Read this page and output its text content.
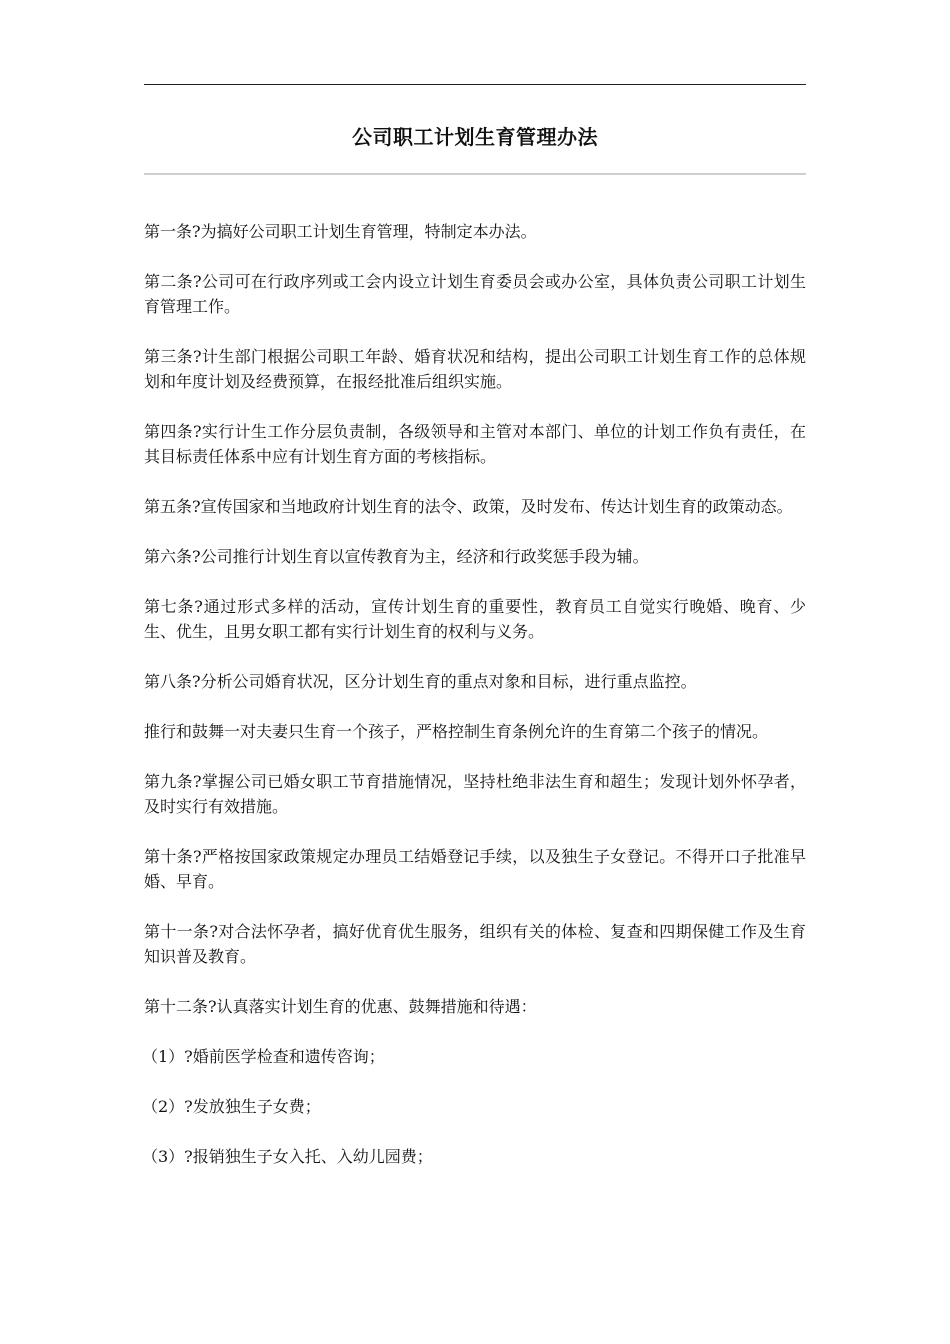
公司职工计划生育管理办法

第一条?为搞好公司职工计划生育管理，特制定本办法。

第二条?公司可在行政序列或工会内设立计划生育委员会或办公室，具体负责公司职工计划生育管理工作。

第三条?计生部门根据公司职工年龄、婚育状况和结构，提出公司职工计划生育工作的总体规划和年度计划及经费预算，在报经批准后组织实施。

第四条?实行计生工作分层负责制，各级领导和主管对本部门、单位的计划工作负有责任，在其目标责任体系中应有计划生育方面的考核指标。

第五条?宣传国家和当地政府计划生育的法令、政策，及时发布、传达计划生育的政策动态。

第六条?公司推行计划生育以宣传教育为主，经济和行政奖惩手段为辅。

第七条?通过形式多样的活动，宣传计划生育的重要性，教育员工自觉实行晚婚、晚育、少生、优生，且男女职工都有实行计划生育的权利与义务。

第八条?分析公司婚育状况，区分计划生育的重点对象和目标，进行重点监控。

推行和鼓舞一对夫妻只生育一个孩子，严格控制生育条例允许的生育第二个孩子的情况。

第九条?掌握公司已婚女职工节育措施情况，坚持杜绝非法生育和超生；发现计划外怀孕者，及时实行有效措施。

第十条?严格按国家政策规定办理员工结婚登记手续，以及独生子女登记。不得开口子批准早婚、早育。

第十一条?对合法怀孕者，搞好优育优生服务，组织有关的体检、复查和四期保健工作及生育知识普及教育。

第十二条?认真落实计划生育的优惠、鼓舞措施和待遇：

（1）?婚前医学检查和遗传咨询；

（2）?发放独生子女费；

（3）?报销独生子女入托、入幼儿园费；
